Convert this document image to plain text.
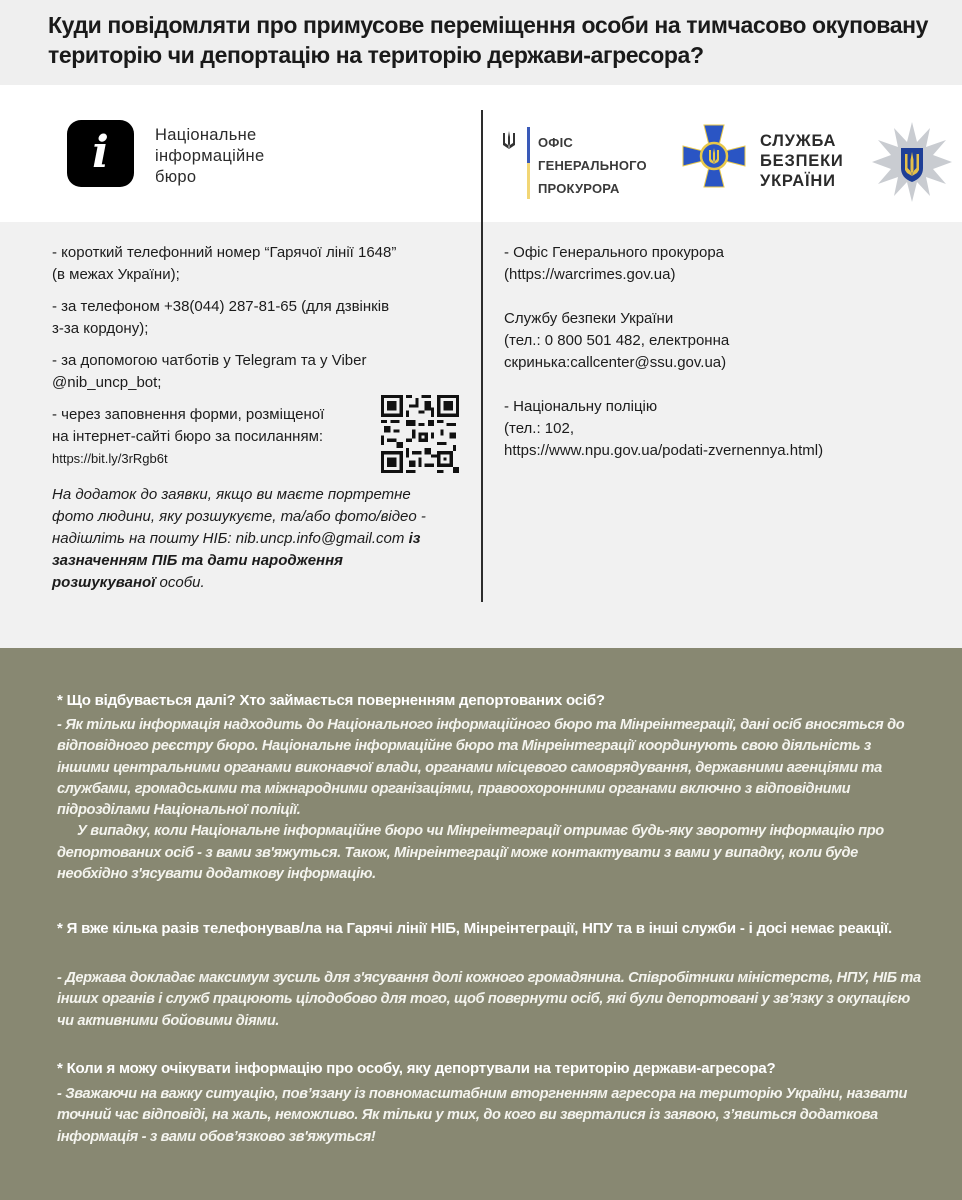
Куди повідомляти про примусове переміщення особи на тимчасово окуповану територію чи депортацію на територію держави-агресора?
i	Національне
інформаційне
бюро
ОФІС
ГЕНЕРАЛЬНОГО
ПРОКУРОРА
СЛУЖБА
БЕЗПЕКИ
УКРАЇНИ
- короткий телефонний номер “Гарячої лінії 1648”
(в межах України);
- за телефоном +38(044) 287-81-65 (для дзвінків
з-за кордону);
- за допомогою чатботів у Telegram та у Viber
@nib_uncp_bot;
- через заповнення форми, розміщеної
на інтернет-сайті бюро за посиланням:
https://bit.ly/3rRgb6t
На додаток до заявки, якщо ви маєте портретне фото людини, яку розшукуєте, та/або фото/відео - надішліть на пошту НІБ: nib.uncp.info@gmail.com із зазначенням ПІБ та дати народження розшукуваної особи.
- Офіс Генерального прокурора
(https://warcrimes.gov.ua)
Службу безпеки України
(тел.: 0 800 501 482, електронна
скринька:callcenter@ssu.gov.ua)
- Національну поліцію
(тел.: 102,
https://www.npu.gov.ua/podati-zvernennya.html)
* Що відбувається далі? Хто займається поверненням депортованих осіб?

- Як тільки інформація надходить до Національного інформаційного бюро та Мінреінтеграції, дані осіб вносяться до відповідного реєстру бюро. Національне інформаційне бюро та Мінреінтеграції координують свою діяльність з іншими центральними органами виконавчої влади, органами місцевого самоврядування, державними агенціями та службами, громадськими та міжнародними організаціями, правоохоронними органами включно з відповідними підрозділами Національної поліції.

У випадку, коли Національне інформаційне бюро чи Мінреінтеграції отримає будь-яку зворотну інформацію про депортованих осіб - з вами зв'яжуться. Також, Мінреінтеграції може контактувати з вами у випадку, коли буде необхідно з'ясувати додаткову інформацію.

* Я вже кілька разів телефонував/ла на Гарячі лінії НІБ, Мінреінтеграції, НПУ та в інші служби - і досі немає реакції.

- Держава докладає максимум зусиль для з'ясування долі кожного громадянина. Співробітники міністерств, НПУ, НІБ та інших органів і служб працюють цілодобово для того, щоб повернути осіб, які були депортовані у зв’язку з окупацією чи активними бойовими діями.

* Коли я можу очікувати інформацію про особу, яку депортували на територію держави-агресора?

- Зважаючи на важку ситуацію, пов’язану із повномасштабним вторгненням агресора на територію України, назвати точний час відповіді, на жаль, неможливо. Як тільки у тих, до кого ви зверталися із заявою, з’явиться додаткова інформація - з вами обов’язково зв'яжуться!
